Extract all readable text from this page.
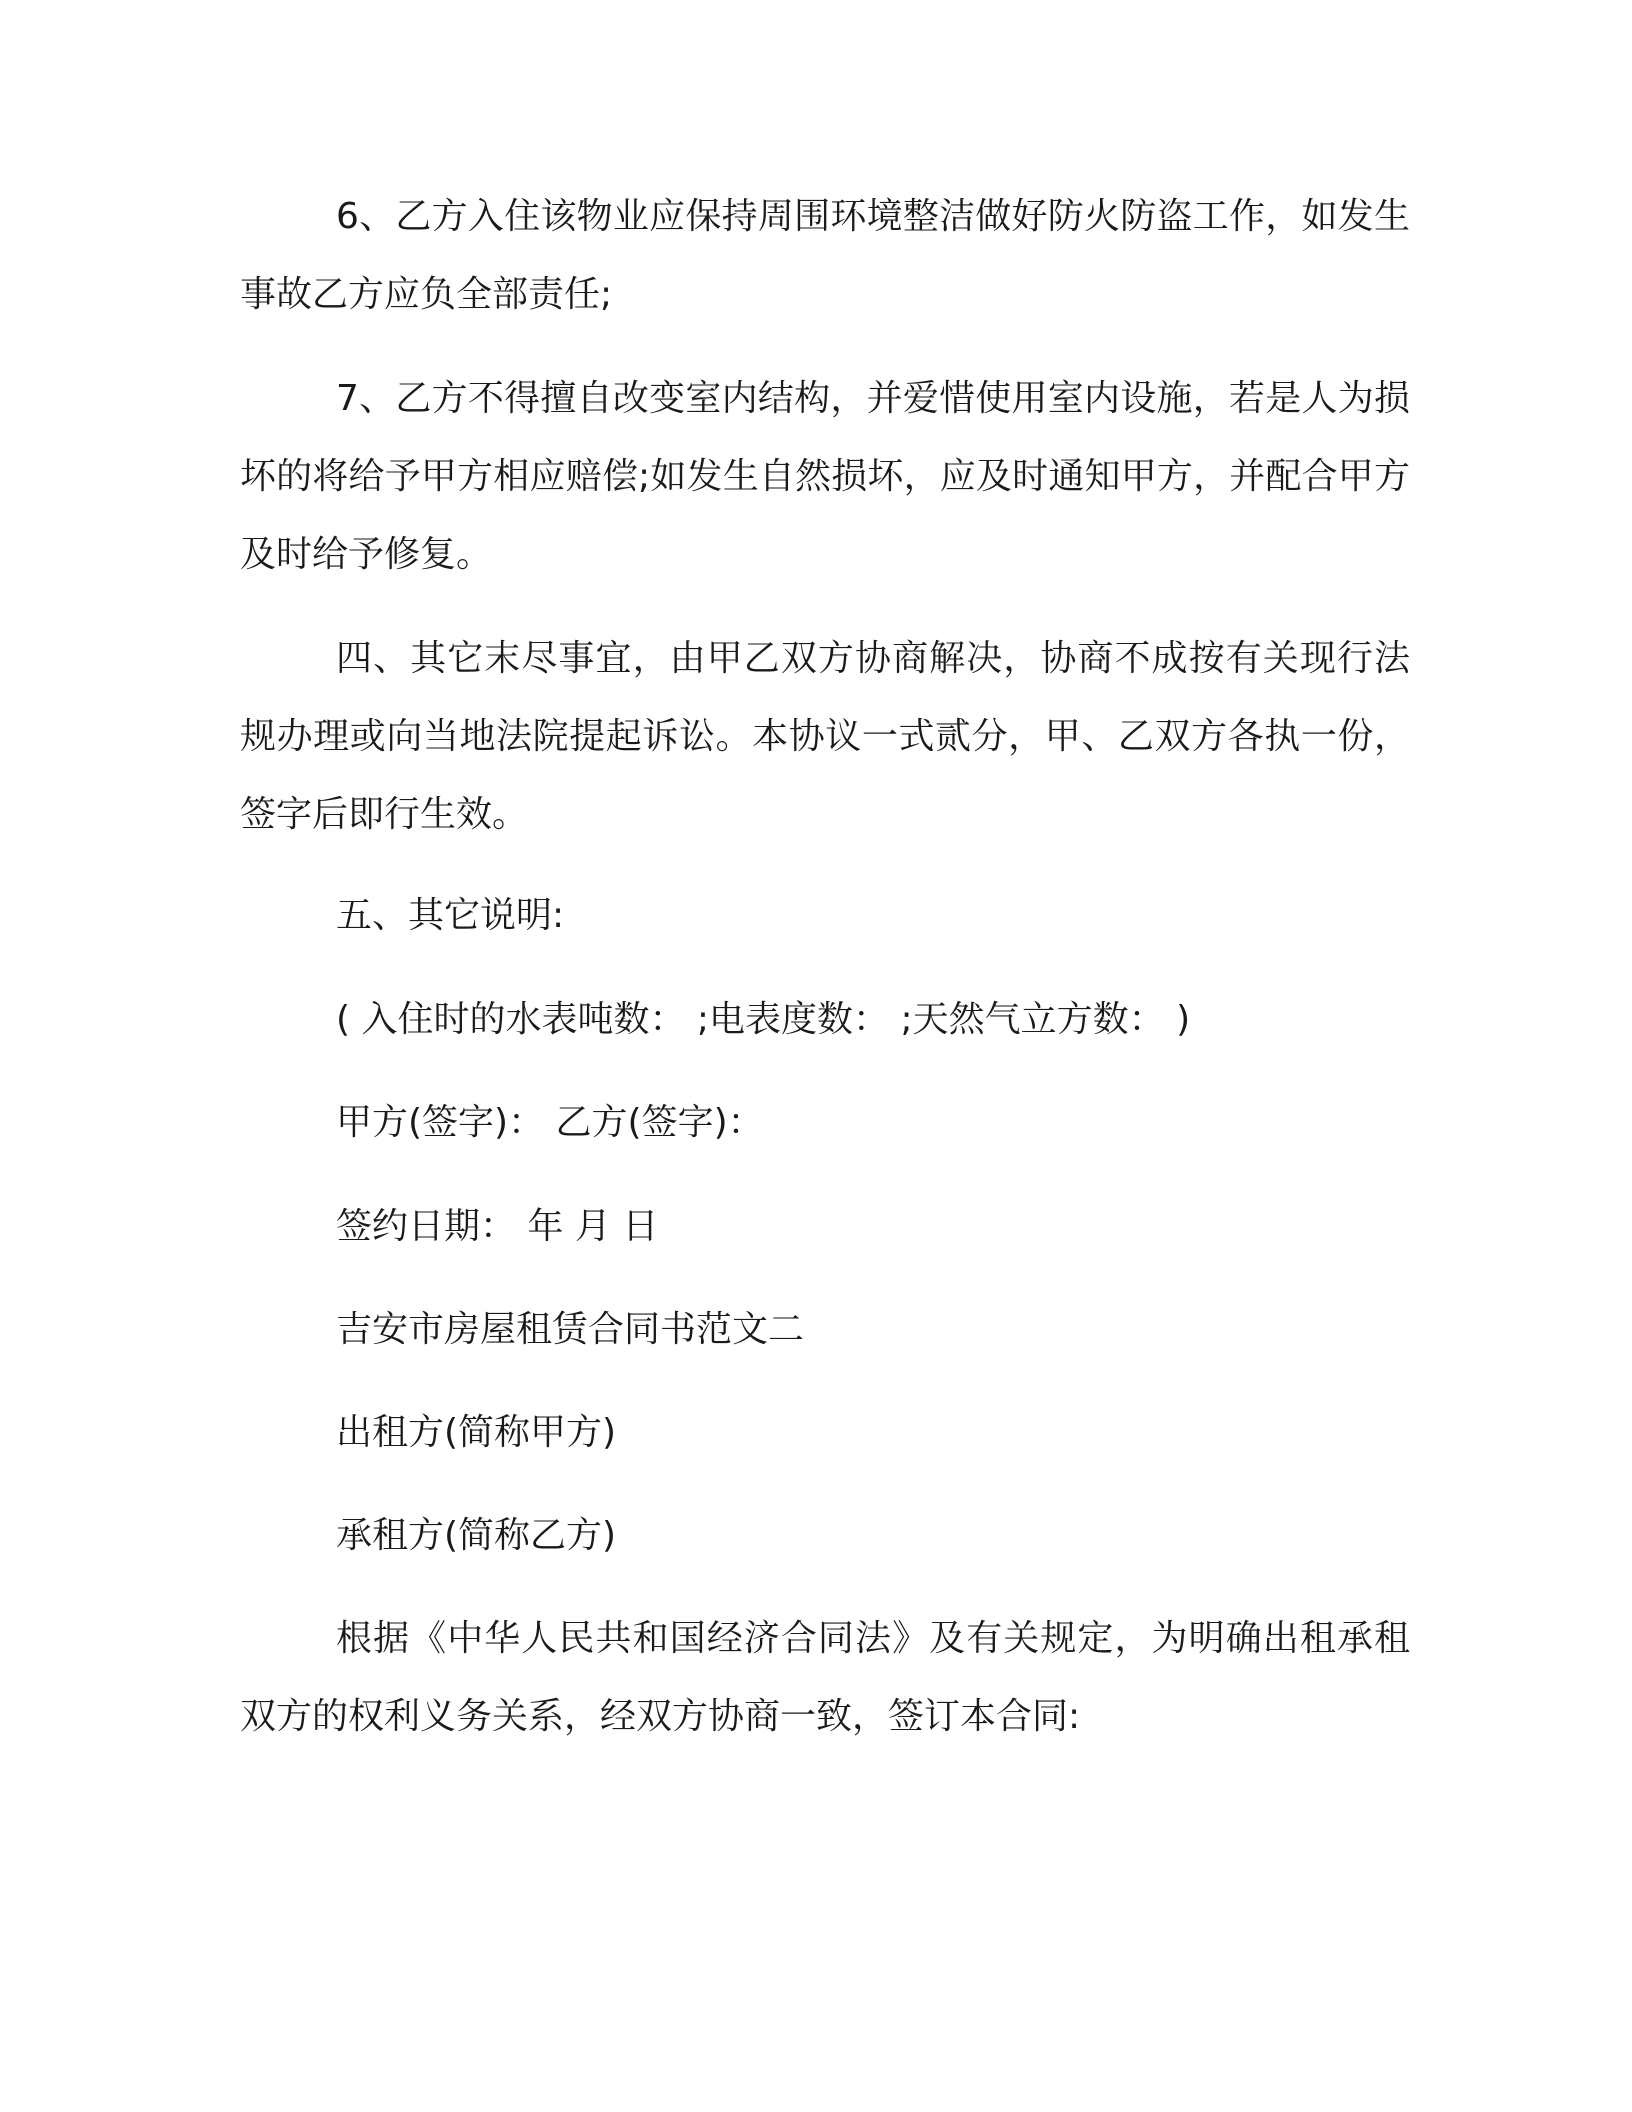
6、乙方入住该物业应保持周围环境整洁做好防火防盗工作，如发生事故乙方应负全部责任;

7、乙方不得擅自改变室内结构，并爱惜使用室内设施，若是人为损坏的将给予甲方相应赔偿;如发生自然损坏，应及时通知甲方，并配合甲方及时给予修复。

四、其它末尽事宜，由甲乙双方协商解决，协商不成按有关现行法规办理或向当地法院提起诉讼。本协议一式贰分，甲、乙双方各执一份，签字后即行生效。

五、其它说明:

( 入住时的水表吨数： ;电表度数： ;天然气立方数： )

甲方(签字)： 乙方(签字)：

签约日期： 年 月 日

吉安市房屋租赁合同书范文二

出租方(简称甲方)

承租方(简称乙方)

根据《中华人民共和国经济合同法》及有关规定，为明确出租承租双方的权利义务关系，经双方协商一致，签订本合同:
